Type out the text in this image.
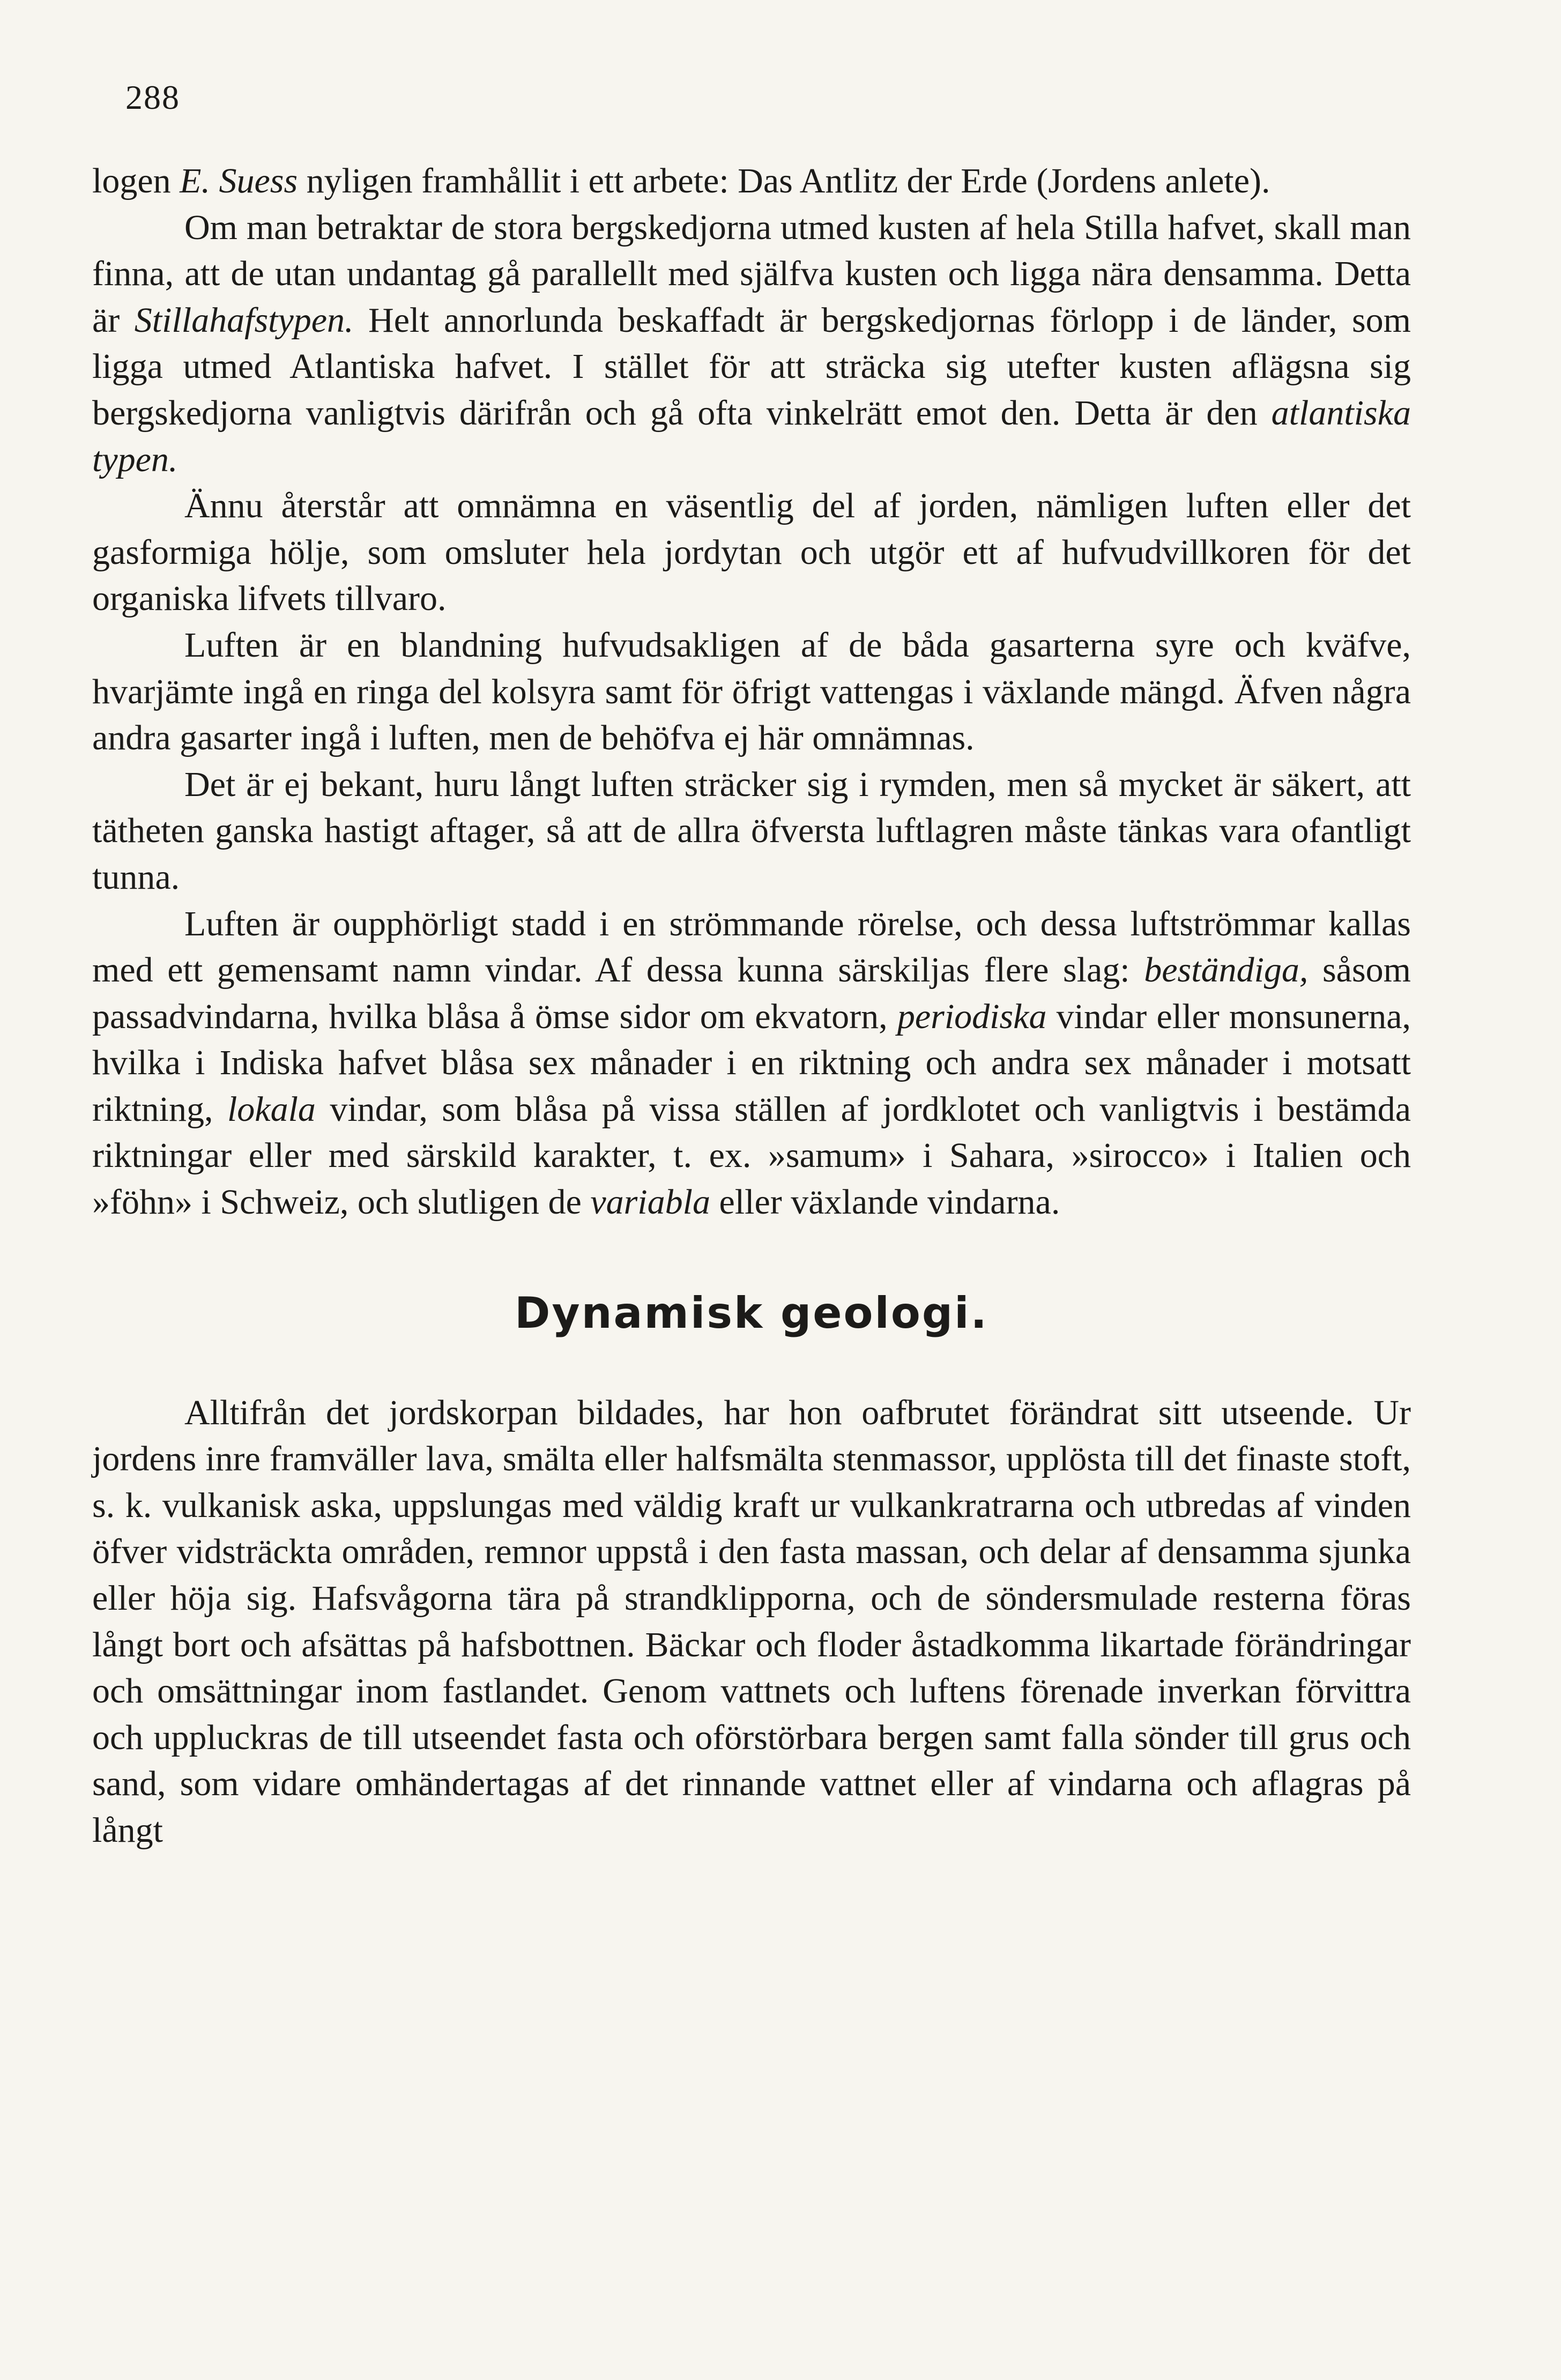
288

logen E. Suess nyligen framhållit i ett arbete: Das Antlitz der Erde (Jordens anlete).

Om man betraktar de stora bergskedjorna utmed kusten af hela Stilla hafvet, skall man finna, att de utan undantag gå parallellt med själfva kusten och ligga nära densamma. Detta är Stillahafstypen. Helt annorlunda beskaffadt är bergskedjornas förlopp i de länder, som ligga utmed Atlantiska hafvet. I stället för att sträcka sig utefter kusten aflägsna sig bergskedjorna vanligtvis därifrån och gå ofta vinkelrätt emot den. Detta är den atlantiska typen.

Ännu återstår att omnämna en väsentlig del af jorden, nämligen luften eller det gasformiga hölje, som omsluter hela jordytan och utgör ett af hufvudvillkoren för det organiska lifvets tillvaro.

Luften är en blandning hufvudsakligen af de båda gasarterna syre och kväfve, hvarjämte ingå en ringa del kolsyra samt för öfrigt vattengas i växlande mängd. Äfven några andra gasarter ingå i luften, men de behöfva ej här omnämnas.

Det är ej bekant, huru långt luften sträcker sig i rymden, men så mycket är säkert, att tätheten ganska hastigt aftager, så att de allra öfversta luftlagren måste tänkas vara ofantligt tunna.

Luften är oupphörligt stadd i en strömmande rörelse, och dessa luftströmmar kallas med ett gemensamt namn vindar. Af dessa kunna särskiljas flere slag: beständiga, såsom passadvindarna, hvilka blåsa å ömse sidor om ekvatorn, periodiska vindar eller monsunerna, hvilka i Indiska hafvet blåsa sex månader i en riktning och andra sex månader i motsatt riktning, lokala vindar, som blåsa på vissa ställen af jordklotet och vanligtvis i bestämda riktningar eller med särskild karakter, t. ex. »samum» i Sahara, »sirocco» i Italien och »föhn» i Schweiz, och slutligen de variabla eller växlande vindarna.

Dynamisk geologi.

Alltifrån det jordskorpan bildades, har hon oafbrutet förändrat sitt utseende. Ur jordens inre framväller lava, smälta eller halfsmälta stenmassor, upplösta till det finaste stoft, s. k. vulkanisk aska, uppslungas med väldig kraft ur vulkankratrarna och utbredas af vinden öfver vidsträckta områden, remnor uppstå i den fasta massan, och delar af densamma sjunka eller höja sig. Hafsvågorna tära på strandklipporna, och de söndersmulade resterna föras långt bort och afsättas på hafsbottnen. Bäckar och floder åstadkomma likartade förändringar och omsättningar inom fastlandet. Genom vattnets och luftens förenade inverkan förvittra och uppluckras de till utseendet fasta och oförstörbara bergen samt falla sönder till grus och sand, som vidare omhändertagas af det rinnande vattnet eller af vindarna och aflagras på långt
